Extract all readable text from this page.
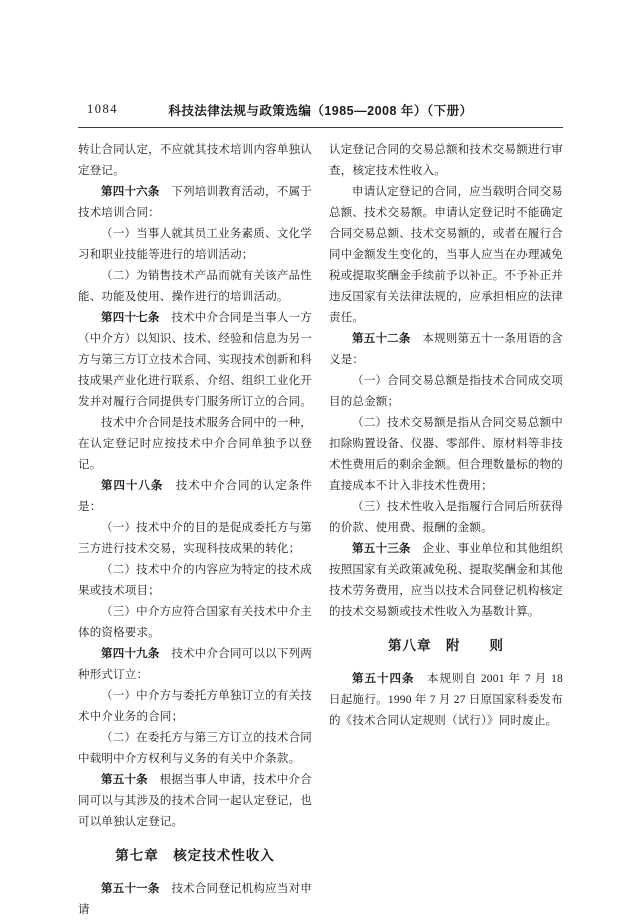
1084	科技法律法规与政策选编（1985—2008 年）（下册）

转让合同认定，不应就其技术培训内容单独认定登记。

第四十六条　下列培训教育活动，不属于技术培训合同：

（一）当事人就其员工业务素质、文化学习和职业技能等进行的培训活动；

（二）为销售技术产品而就有关该产品性能、功能及使用、操作进行的培训活动。

第四十七条　技术中介合同是当事人一方（中介方）以知识、技术、经验和信息为另一方与第三方订立技术合同、实现技术创新和科技成果产业化进行联系、介绍、组织工业化开发并对履行合同提供专门服务所订立的合同。

技术中介合同是技术服务合同中的一种，在认定登记时应按技术中介合同单独予以登记。

第四十八条　技术中介合同的认定条件是：

（一）技术中介的目的是促成委托方与第三方进行技术交易，实现科技成果的转化；

（二）技术中介的内容应为特定的技术成果或技术项目；

（三）中介方应符合国家有关技术中介主体的资格要求。

第四十九条　技术中介合同可以以下列两种形式订立：

（一）中介方与委托方单独订立的有关技术中介业务的合同；

（二）在委托方与第三方订立的技术合同中载明中介方权利与义务的有关中介条款。

第五十条　根据当事人申请，技术中介合同可以与其涉及的技术合同一起认定登记，也可以单独认定登记。

第七章　核定技术性收入

第五十一条　技术合同登记机构应当对申请

认定登记合同的交易总额和技术交易额进行审查，核定技术性收入。

申请认定登记的合同，应当载明合同交易总额、技术交易额。申请认定登记时不能确定合同交易总额、技术交易额的，或者在履行合同中金额发生变化的，当事人应当在办理减免税或提取奖酬金手续前予以补正。不予补正并违反国家有关法律法规的，应承担相应的法律责任。

第五十二条　本规则第五十一条用语的含义是：

（一）合同交易总额是指技术合同成交项目的总金额；

（二）技术交易额是指从合同交易总额中扣除购置设备、仪器、零部件、原材料等非技术性费用后的剩余金额。但合理数量标的物的直接成本不计入非技术性费用；

（三）技术性收入是指履行合同后所获得的价款、使用费、报酬的金额。

第五十三条　企业、事业单位和其他组织按照国家有关政策减免税、提取奖酬金和其他技术劳务费用，应当以技术合同登记机构核定的技术交易额或技术性收入为基数计算。

第八章　附　　则

第五十四条　本规则自 2001 年 7 月 18 日起施行。1990 年 7 月 27 日原国家科委发布的《技术合同认定规则（试行）》同时废止。
